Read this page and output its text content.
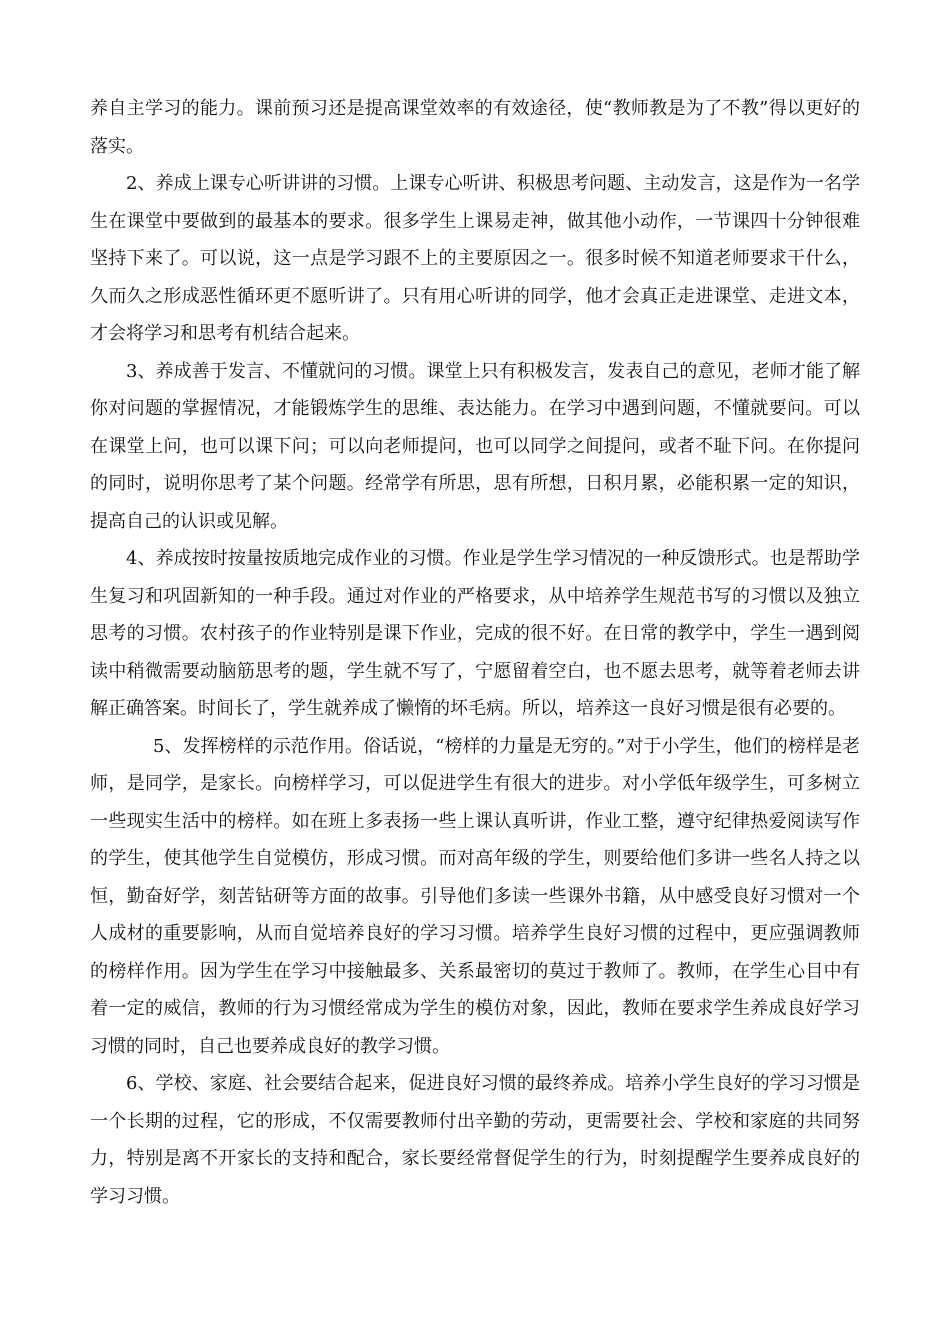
养自主学习的能力。课前预习还是提高课堂效率的有效途径，使“教师教是为了不教”得以更好的落实。

2、养成上课专心听讲讲的习惯。上课专心听讲、积极思考问题、主动发言，这是作为一名学生在课堂中要做到的最基本的要求。很多学生上课易走神，做其他小动作，一节课四十分钟很难坚持下来了。可以说，这一点是学习跟不上的主要原因之一。很多时候不知道老师要求干什么，久而久之形成恶性循环更不愿听讲了。只有用心听讲的同学，他才会真正走进课堂、走进文本，才会将学习和思考有机结合起来。

3、养成善于发言、不懂就问的习惯。课堂上只有积极发言，发表自己的意见，老师才能了解你对问题的掌握情况，才能锻炼学生的思维、表达能力。在学习中遇到问题，不懂就要问。可以在课堂上问，也可以课下问；可以向老师提问，也可以同学之间提问，或者不耻下问。在你提问的同时，说明你思考了某个问题。经常学有所思，思有所想，日积月累，必能积累一定的知识，提高自己的认识或见解。

4、养成按时按量按质地完成作业的习惯。作业是学生学习情况的一种反馈形式。也是帮助学生复习和巩固新知的一种手段。通过对作业的严格要求，从中培养学生规范书写的习惯以及独立思考的习惯。农村孩子的作业特别是课下作业，完成的很不好。在日常的教学中，学生一遇到阅读中稍微需要动脑筋思考的题，学生就不写了，宁愿留着空白，也不愿去思考，就等着老师去讲解正确答案。时间长了，学生就养成了懒惰的坏毛病。所以，培养这一良好习惯是很有必要的。

5、发挥榜样的示范作用。俗话说，“榜样的力量是无穷的。”对于小学生，他们的榜样是老师，是同学，是家长。向榜样学习，可以促进学生有很大的进步。对小学低年级学生，可多树立一些现实生活中的榜样。如在班上多表扬一些上课认真听讲，作业工整，遵守纪律热爱阅读写作的学生，使其他学生自觉模仿，形成习惯。而对高年级的学生，则要给他们多讲一些名人持之以恒，勤奋好学，刻苦钻研等方面的故事。引导他们多读一些课外书籍，从中感受良好习惯对一个人成材的重要影响，从而自觉培养良好的学习习惯。培养学生良好习惯的过程中，更应强调教师的榜样作用。因为学生在学习中接触最多、关系最密切的莫过于教师了。教师，在学生心目中有着一定的威信，教师的行为习惯经常成为学生的模仿对象，因此，教师在要求学生养成良好学习习惯的同时，自己也要养成良好的教学习惯。

6、学校、家庭、社会要结合起来，促进良好习惯的最终养成。培养小学生良好的学习习惯是一个长期的过程，它的形成，不仅需要教师付出辛勤的劳动，更需要社会、学校和家庭的共同努力，特别是离不开家长的支持和配合，家长要经常督促学生的行为，时刻提醒学生要养成良好的学习习惯。
